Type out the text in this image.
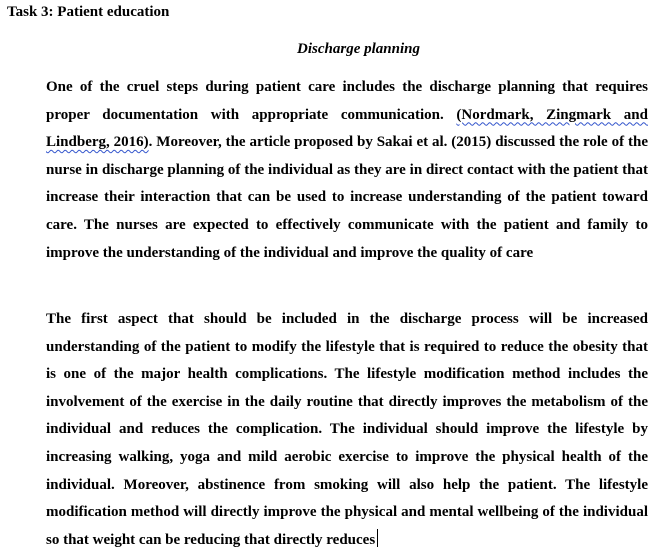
Task 3: Patient education
Discharge planning

One of the cruel steps during patient care includes the discharge planning that requires proper documentation with appropriate communication. (Nordmark, Zingmark and Lindberg, 2016). Moreover, the article proposed by Sakai et al. (2015) discussed the role of the nurse in discharge planning of the individual as they are in direct contact with the patient that increase their interaction that can be used to increase understanding of the patient toward care. The nurses are expected to effectively communicate with the patient and family to improve the understanding of the individual and improve the quality of care

The first aspect that should be included in the discharge process will be increased understanding of the patient to modify the lifestyle that is required to reduce the obesity that is one of the major health complications. The lifestyle modification method includes the involvement of the exercise in the daily routine that directly improves the metabolism of the individual and reduces the complication. The individual should improve the lifestyle by increasing walking, yoga and mild aerobic exercise to improve the physical health of the individual. Moreover, abstinence from smoking will also help the patient. The lifestyle modification method will directly improve the physical and mental wellbeing of the individual so that weight can be reducing that directly reduces
